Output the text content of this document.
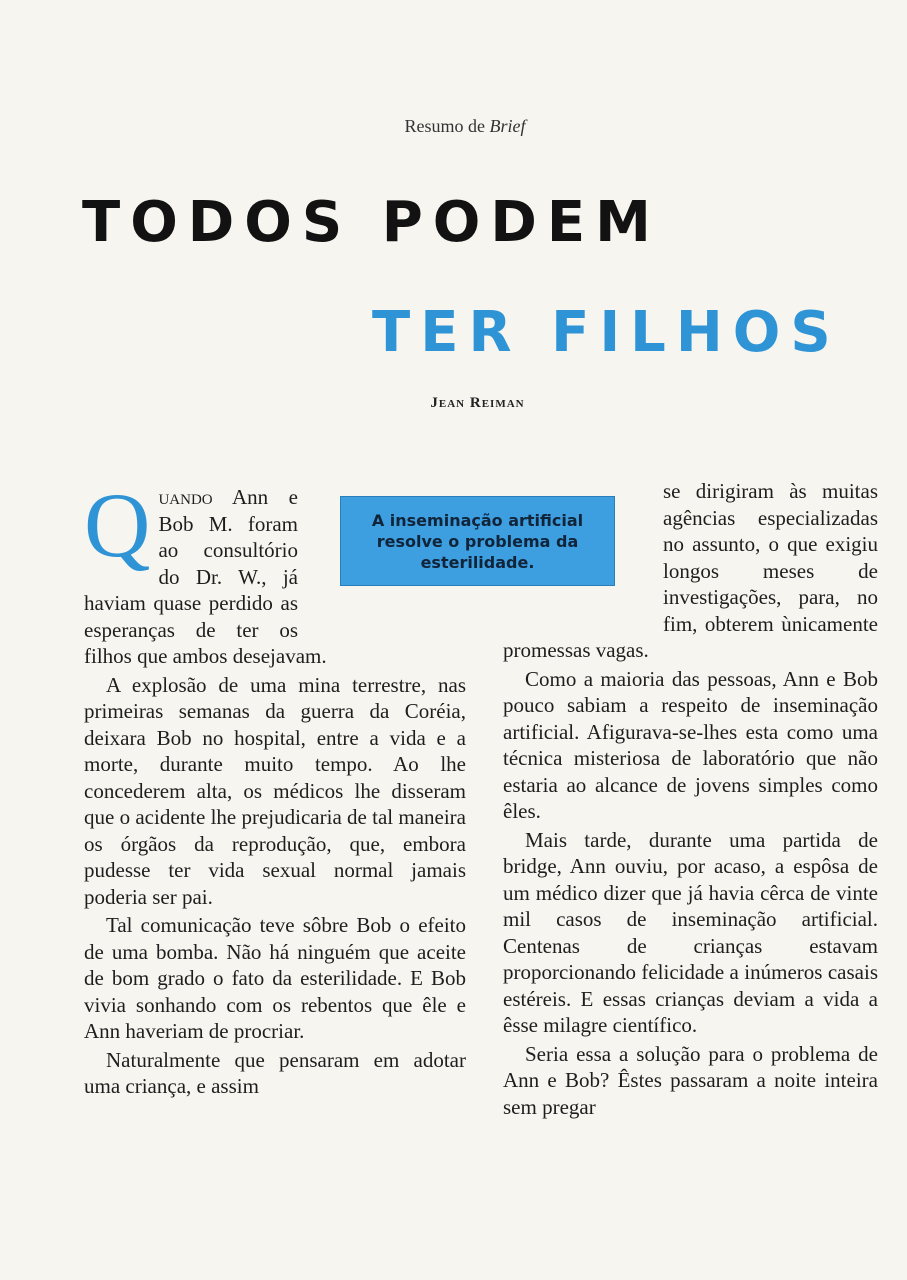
Resumo de Brief
TODOS PODEM
TER FILHOS
Jean Reiman

Quando Ann e Bob M. foram ao consultório do Dr. W., já haviam quase perdido as esperanças de ter os filhos que ambos desejavam.

A explosão de uma mina terrestre, nas primeiras semanas da guerra da Coréia, deixara Bob no hospital, entre a vida e a morte, durante muito tempo. Ao lhe concederem alta, os médicos lhe disseram que o acidente lhe prejudicaria de tal maneira os órgãos da reprodução, que, embora pudesse ter vida sexual normal jamais poderia ser pai.

Tal comunicação teve sôbre Bob o efeito de uma bomba. Não há ninguém que aceite de bom grado o fato da esterilidade. E Bob vivia sonhando com os rebentos que êle e Ann haveriam de procriar.

Naturalmente que pensaram em adotar uma criança, e assim

se dirigiram às muitas agências especializadas no assunto, o que exigiu longos meses de investigações, para, no fim, obterem ùnicamente promessas vagas.

Como a maioria das pessoas, Ann e Bob pouco sabiam a respeito de inseminação artificial. Afigurava-se-lhes esta como uma técnica misteriosa de laboratório que não estaria ao alcance de jovens simples como êles.

Mais tarde, durante uma partida de bridge, Ann ouviu, por acaso, a espôsa de um médico dizer que já havia cêrca de vinte mil casos de inseminação artificial. Centenas de crianças estavam proporcionando felicidade a inúmeros casais estéreis. E essas crianças deviam a vida a êsse milagre científico.

Seria essa a solução para o problema de Ann e Bob? Êstes passaram a noite inteira sem pregar

A inseminação artificial resolve o problema da esterilidade.
